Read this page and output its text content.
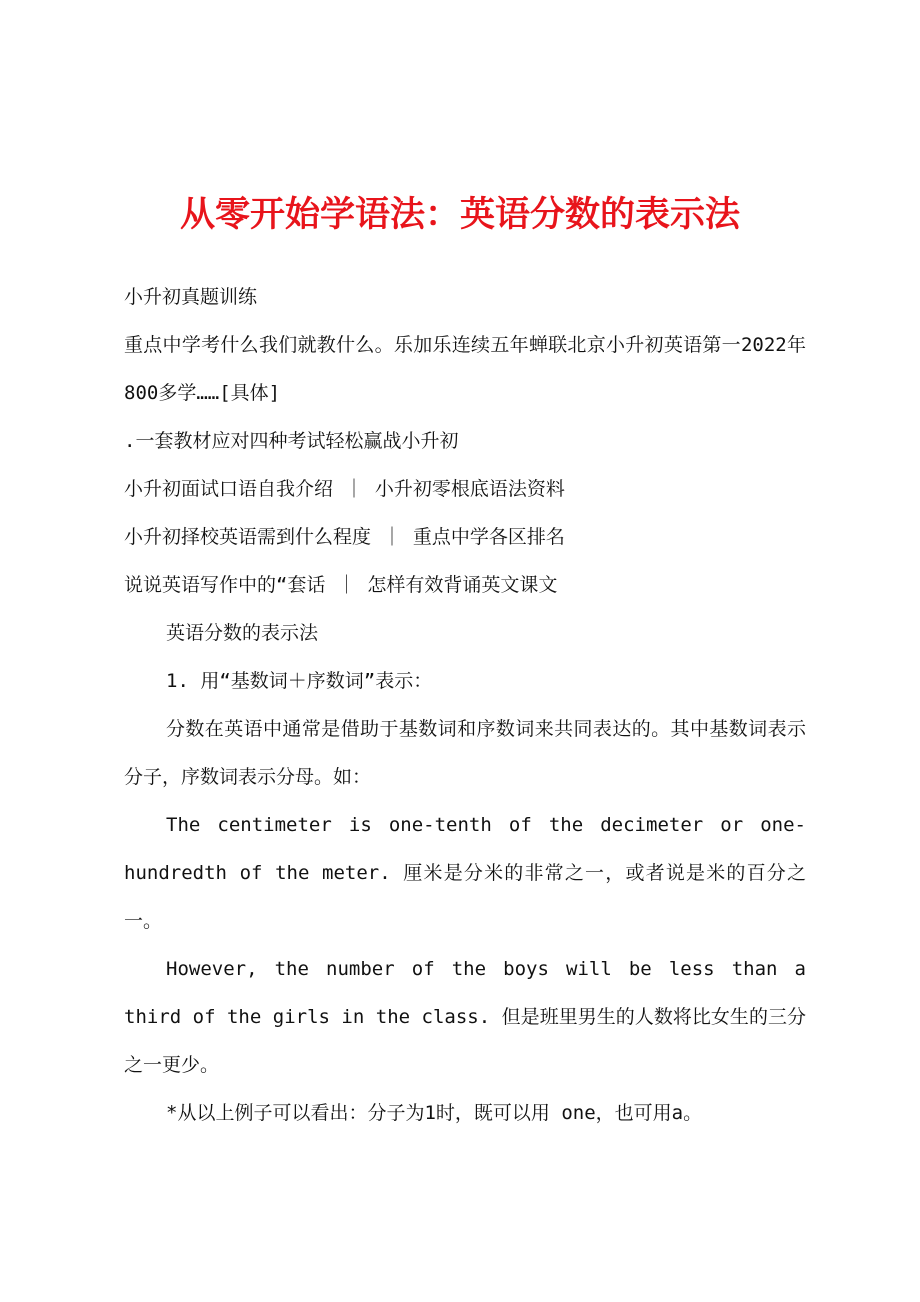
从零开始学语法：英语分数的表示法

小升初真题训练

重点中学考什么我们就教什么。乐加乐连续五年蝉联北京小升初英语第一2022年800多学……[具体]

.一套教材应对四种考试轻松赢战小升初

小升初面试口语自我介绍 ｜ 小升初零根底语法资料

小升初择校英语需到什么程度 ｜ 重点中学各区排名

说说英语写作中的“套话 ｜ 怎样有效背诵英文课文

英语分数的表示法

1. 用“基数词＋序数词”表示：

分数在英语中通常是借助于基数词和序数词来共同表达的。其中基数词表示分子，序数词表示分母。如：

The centimeter is one-tenth of the decimeter or one-hundredth of the meter. 厘米是分米的非常之一，或者说是米的百分之一。

However, the number of the boys will be less than a third of the girls in the class. 但是班里男生的人数将比女生的三分之一更少。

*从以上例子可以看出：分子为1时，既可以用 one，也可用a。
